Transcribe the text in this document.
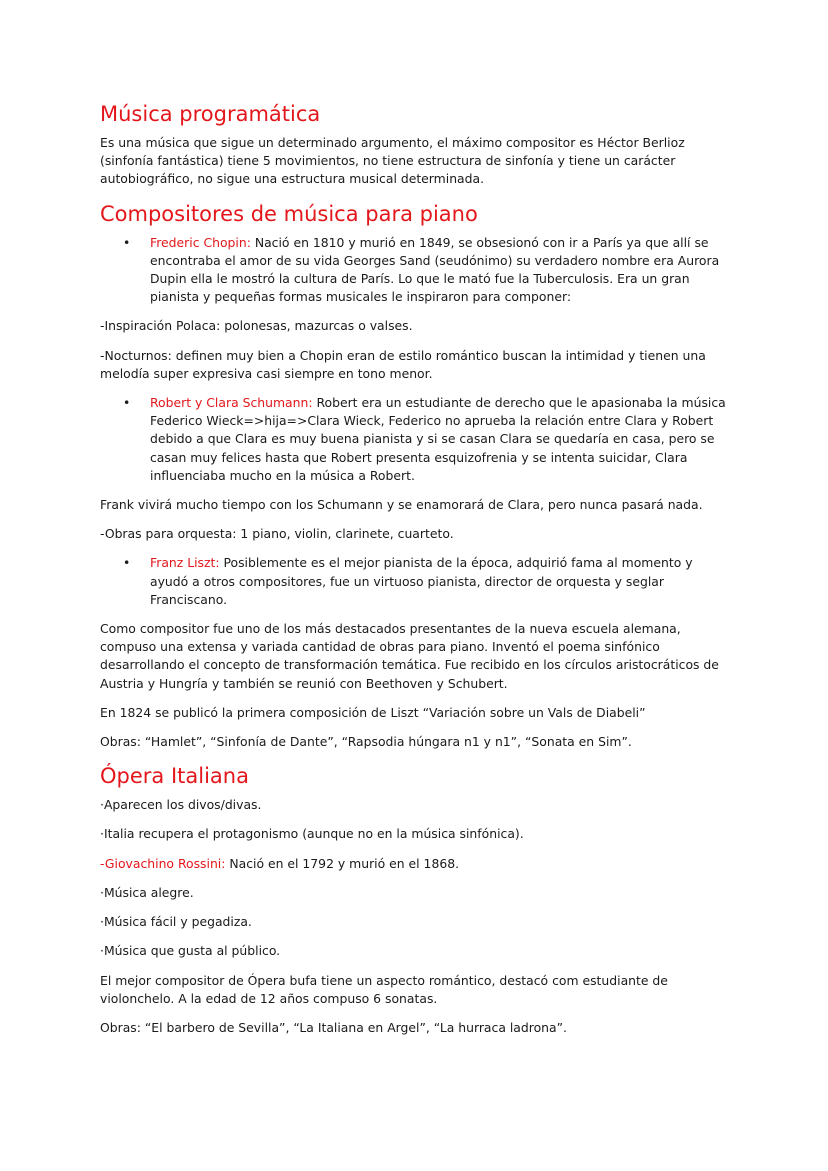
Música programática

Es una música que sigue un determinado argumento, el máximo compositor es Héctor Berlioz (sinfonía fantástica) tiene 5 movimientos, no tiene estructura de sinfonía y tiene un carácter autobiográfico, no sigue una estructura musical determinada.

Compositores de música para piano
• Frederic Chopin: Nació en 1810 y murió en 1849, se obsesionó con ir a París ya que allí se encontraba el amor de su vida Georges Sand (seudónimo) su verdadero nombre era Aurora Dupin ella le mostró la cultura de París. Lo que le mató fue la Tuberculosis. Era un gran pianista y pequeñas formas musicales le inspiraron para componer:

-Inspiración Polaca: polonesas, mazurcas o valses.

-Nocturnos: definen muy bien a Chopin eran de estilo romántico buscan la intimidad y tienen una melodía super expresiva casi siempre en tono menor.

• Robert y Clara Schumann: Robert era un estudiante de derecho que le apasionaba la música Federico Wieck=>hija=>Clara Wieck, Federico no aprueba la relación entre Clara y Robert debido a que Clara es muy buena pianista y si se casan Clara se quedaría en casa, pero se casan muy felices hasta que Robert presenta esquizofrenia y se intenta suicidar, Clara influenciaba mucho en la música a Robert.

Frank vivirá mucho tiempo con los Schumann y se enamorará de Clara, pero nunca pasará nada.

-Obras para orquesta: 1 piano, violin, clarinete, cuarteto.

• Franz Liszt: Posiblemente es el mejor pianista de la época, adquirió fama al momento y ayudó a otros compositores, fue un virtuoso pianista, director de orquesta y seglar Franciscano.

Como compositor fue uno de los más destacados presentantes de la nueva escuela alemana, compuso una extensa y variada cantidad de obras para piano. Inventó el poema sinfónico desarrollando el concepto de transformación temática. Fue recibido en los círculos aristocráticos de Austria y Hungría y también se reunió con Beethoven y Schubert.

En 1824 se publicó la primera composición de Liszt “Variación sobre un Vals de Diabeli”

Obras: “Hamlet”, “Sinfonía de Dante”, “Rapsodia húngara n1 y n1”, “Sonata en Sim”.

Ópera Italiana

·Aparecen los divos/divas.

·Italia recupera el protagonismo (aunque no en la música sinfónica).

-Giovachino Rossini: Nació en el 1792 y murió en el 1868.

·Música alegre.

·Música fácil y pegadiza.

·Música que gusta al público.

El mejor compositor de Ópera bufa tiene un aspecto romántico, destacó com estudiante de violonchelo. A la edad de 12 años compuso 6 sonatas.

Obras: “El barbero de Sevilla”, “La Italiana en Argel”, “La hurraca ladrona”.
